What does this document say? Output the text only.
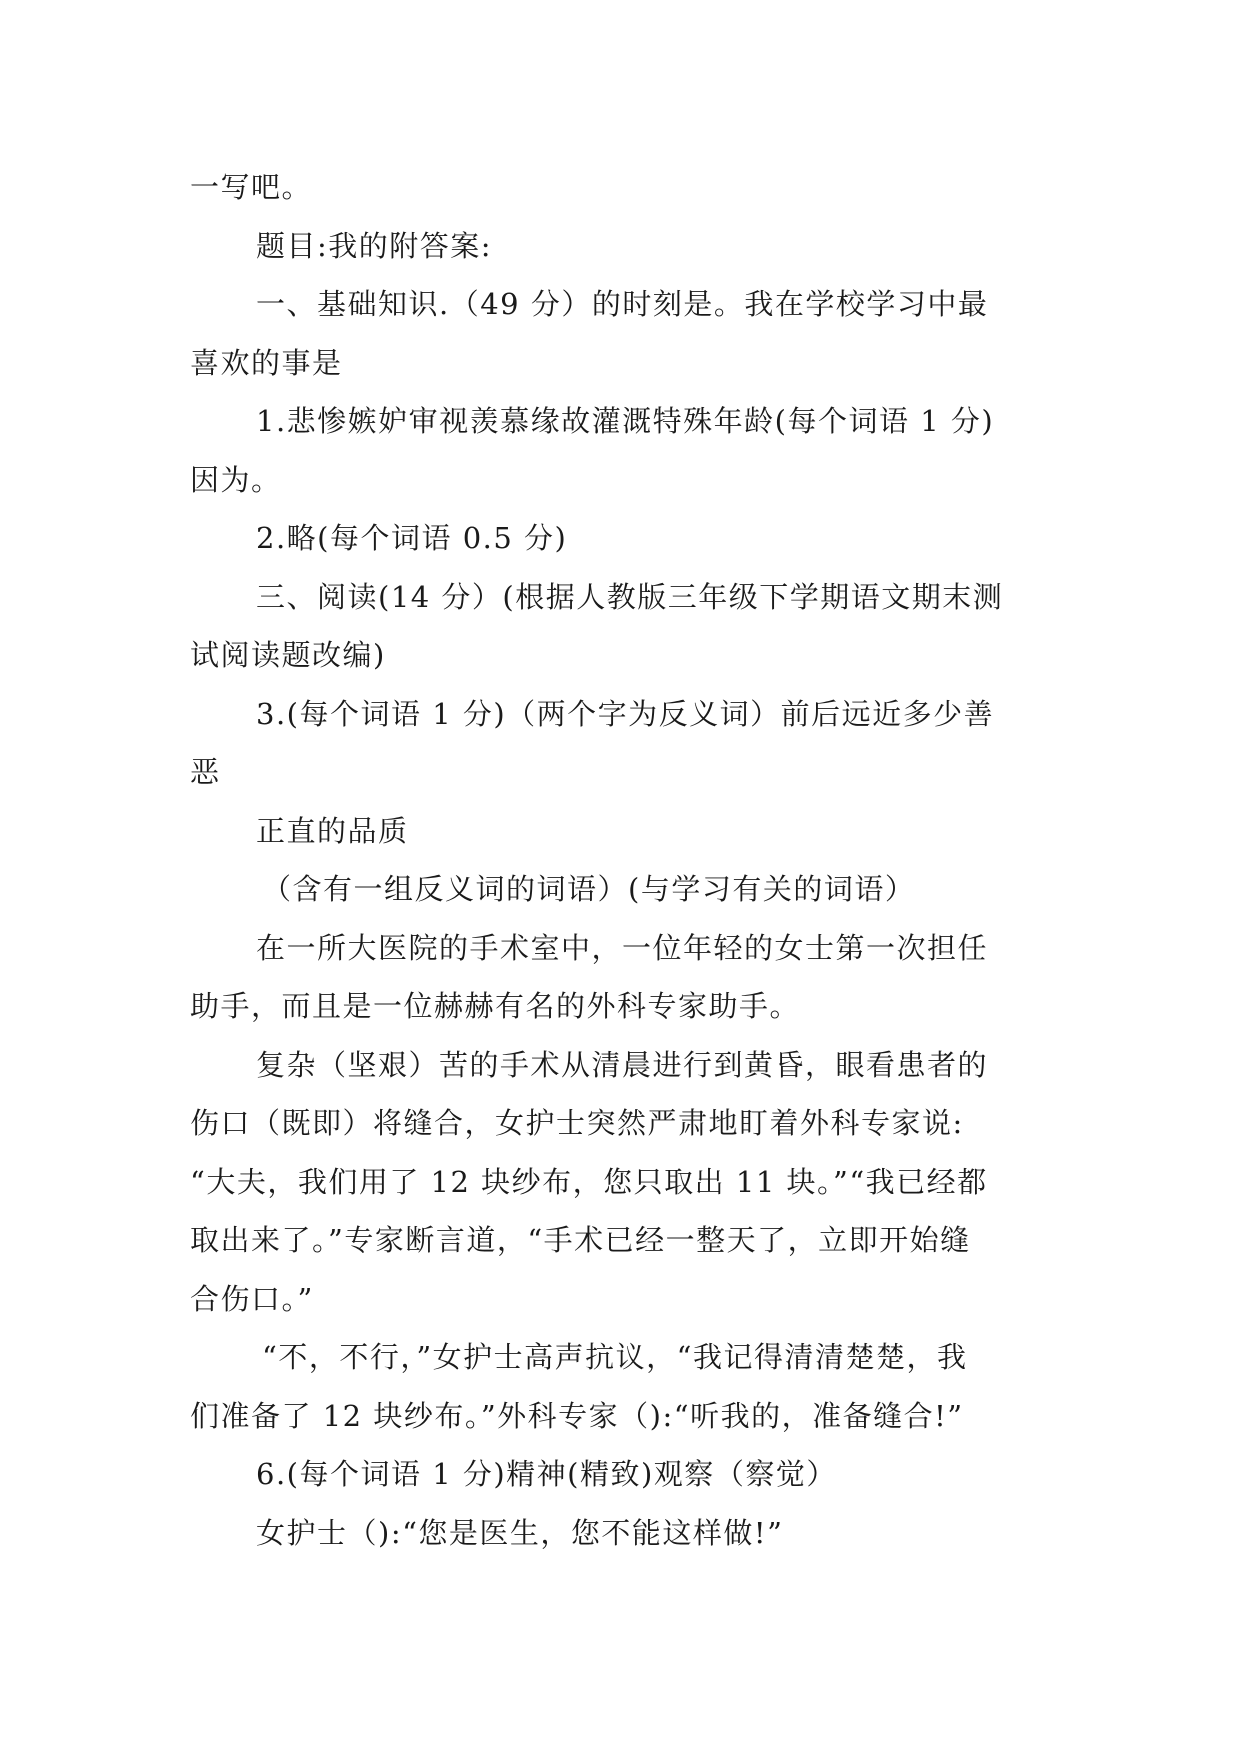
一写吧。
题目:我的附答案:
一、基础知识.（49 分）的时刻是。我在学校学习中最
喜欢的事是
1.悲惨嫉妒审视羡慕缘故灌溉特殊年龄(每个词语 1 分)
因为。
2.略(每个词语 0.5 分)
三、阅读(14 分）(根据人教版三年级下学期语文期末测
试阅读题改编)
3.(每个词语 1 分)（两个字为反义词）前后远近多少善
恶
正直的品质
（含有一组反义词的词语）(与学习有关的词语）
在一所大医院的手术室中，一位年轻的女士第一次担任
助手，而且是一位赫赫有名的外科专家助手。
复杂（坚艰）苦的手术从清晨进行到黄昏，眼看患者的
伤口（既即）将缝合，女护士突然严肃地盯着外科专家说:
“大夫，我们用了 12 块纱布，您只取出 11 块。”“我已经都
取出来了。”专家断言道，“手术已经一整天了，立即开始缝
合伤口。”
“不，不行，”女护士高声抗议，“我记得清清楚楚，我
们准备了 12 块纱布。”外科专家（):“听我的，准备缝合!”
6.(每个词语 1 分)精神(精致)观察（察觉）
女护士（):“您是医生，您不能这样做!”
